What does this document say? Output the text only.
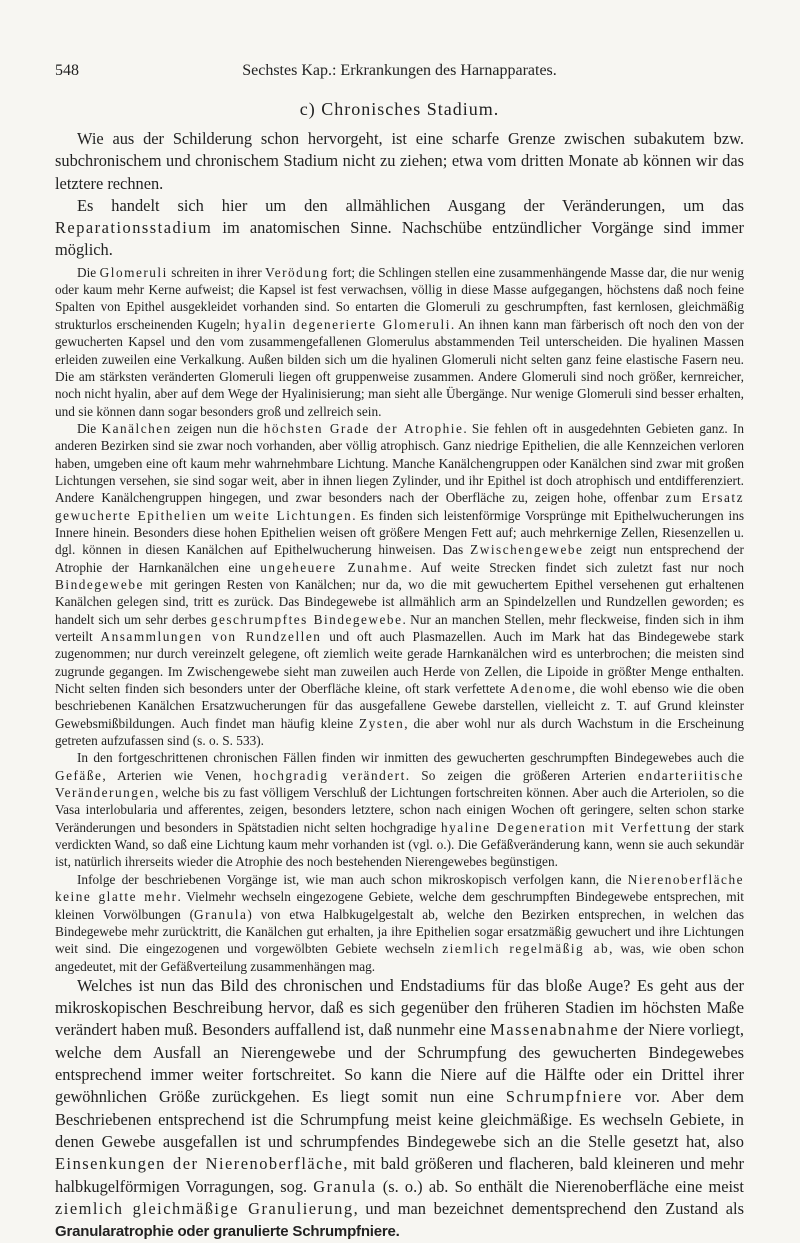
548	Sechstes Kap.: Erkrankungen des Harnapparates.
c) Chronisches Stadium.

Wie aus der Schilderung schon hervorgeht, ist eine scharfe Grenze zwischen subakutem bzw. subchronischem und chronischem Stadium nicht zu ziehen; etwa vom dritten Monate ab können wir das letztere rechnen.

Es handelt sich hier um den allmählichen Ausgang der Veränderungen, um das Reparationsstadium im anatomischen Sinne. Nachschübe entzündlicher Vorgänge sind immer möglich.

Die Glomeruli schreiten in ihrer Verödung fort; die Schlingen stellen eine zusammenhängende Masse dar, die nur wenig oder kaum mehr Kerne aufweist; die Kapsel ist fest verwachsen, völlig in diese Masse aufgegangen, höchstens daß noch feine Spalten von Epithel ausgekleidet vorhanden sind. So entarten die Glomeruli zu geschrumpften, fast kernlosen, gleichmäßig strukturlos erscheinenden Kugeln; hyalin degenerierte Glomeruli. An ihnen kann man färberisch oft noch den von der gewucherten Kapsel und den vom zusammengefallenen Glomerulus abstammenden Teil unterscheiden. Die hyalinen Massen erleiden zuweilen eine Verkalkung. Außen bilden sich um die hyalinen Glomeruli nicht selten ganz feine elastische Fasern neu. Die am stärksten veränderten Glomeruli liegen oft gruppenweise zusammen. Andere Glomeruli sind noch größer, kernreicher, noch nicht hyalin, aber auf dem Wege der Hyalinisierung; man sieht alle Übergänge. Nur wenige Glomeruli sind besser erhalten, und sie können dann sogar besonders groß und zellreich sein.

Die Kanälchen zeigen nun die höchsten Grade der Atrophie. Sie fehlen oft in ausgedehnten Gebieten ganz. In anderen Bezirken sind sie zwar noch vorhanden, aber völlig atrophisch. Ganz niedrige Epithelien, die alle Kennzeichen verloren haben, umgeben eine oft kaum mehr wahrnehmbare Lichtung. Manche Kanälchengruppen oder Kanälchen sind zwar mit großen Lichtungen versehen, sie sind sogar weit, aber in ihnen liegen Zylinder, und ihr Epithel ist doch atrophisch und entdifferenziert. Andere Kanälchengruppen hingegen, und zwar besonders nach der Oberfläche zu, zeigen hohe, offenbar zum Ersatz gewucherte Epithelien um weite Lichtungen. Es finden sich leistenförmige Vorsprünge mit Epithelwucherungen ins Innere hinein. Besonders diese hohen Epithelien weisen oft größere Mengen Fett auf; auch mehrkernige Zellen, Riesenzellen u. dgl. können in diesen Kanälchen auf Epithelwucherung hinweisen. Das Zwischengewebe zeigt nun entsprechend der Atrophie der Harnkanälchen eine ungeheuere Zunahme. Auf weite Strecken findet sich zuletzt fast nur noch Bindegewebe mit geringen Resten von Kanälchen; nur da, wo die mit gewuchertem Epithel versehenen gut erhaltenen Kanälchen gelegen sind, tritt es zurück. Das Bindegewebe ist allmählich arm an Spindelzellen und Rundzellen geworden; es handelt sich um sehr derbes geschrumpftes Bindegewebe. Nur an manchen Stellen, mehr fleckweise, finden sich in ihm verteilt Ansammlungen von Rundzellen und oft auch Plasmazellen. Auch im Mark hat das Bindegewebe stark zugenommen; nur durch vereinzelt gelegene, oft ziemlich weite gerade Harnkanälchen wird es unterbrochen; die meisten sind zugrunde gegangen. Im Zwischengewebe sieht man zuweilen auch Herde von Zellen, die Lipoide in größter Menge enthalten. Nicht selten finden sich besonders unter der Oberfläche kleine, oft stark verfettete Adenome, die wohl ebenso wie die oben beschriebenen Kanälchen Ersatzwucherungen für das ausgefallene Gewebe darstellen, vielleicht z. T. auf Grund kleinster Gewebsmißbildungen. Auch findet man häufig kleine Zysten, die aber wohl nur als durch Wachstum in die Erscheinung getreten aufzufassen sind (s. o. S. 533).

In den fortgeschrittenen chronischen Fällen finden wir inmitten des gewucherten geschrumpften Bindegewebes auch die Gefäße, Arterien wie Venen, hochgradig verändert. So zeigen die größeren Arterien endarteriitische Veränderungen, welche bis zu fast völligem Verschluß der Lichtungen fortschreiten können. Aber auch die Arteriolen, so die Vasa interlobularia und afferentes, zeigen, besonders letztere, schon nach einigen Wochen oft geringere, selten schon starke Veränderungen und besonders in Spätstadien nicht selten hochgradige hyaline Degeneration mit Verfettung der stark verdickten Wand, so daß eine Lichtung kaum mehr vorhanden ist (vgl. o.). Die Gefäßveränderung kann, wenn sie auch sekundär ist, natürlich ihrerseits wieder die Atrophie des noch bestehenden Nierengewebes begünstigen.

Infolge der beschriebenen Vorgänge ist, wie man auch schon mikroskopisch verfolgen kann, die Nierenoberfläche keine glatte mehr. Vielmehr wechseln eingezogene Gebiete, welche dem geschrumpften Bindegewebe entsprechen, mit kleinen Vorwölbungen (Granula) von etwa Halbkugelgestalt ab, welche den Bezirken entsprechen, in welchen das Bindegewebe mehr zurücktritt, die Kanälchen gut erhalten, ja ihre Epithelien sogar ersatzmäßig gewuchert und ihre Lichtungen weit sind. Die eingezogenen und vorgewölbten Gebiete wechseln ziemlich regelmäßig ab, was, wie oben schon angedeutet, mit der Gefäßverteilung zusammenhängen mag.

Welches ist nun das Bild des chronischen und Endstadiums für das bloße Auge? Es geht aus der mikroskopischen Beschreibung hervor, daß es sich gegenüber den früheren Stadien im höchsten Maße verändert haben muß. Besonders auffallend ist, daß nunmehr eine Massenabnahme der Niere vorliegt, welche dem Ausfall an Nierengewebe und der Schrumpfung des gewucherten Bindegewebes entsprechend immer weiter fortschreitet. So kann die Niere auf die Hälfte oder ein Drittel ihrer gewöhnlichen Größe zurückgehen. Es liegt somit nun eine Schrumpfniere vor. Aber dem Beschriebenen entsprechend ist die Schrumpfung meist keine gleichmäßige. Es wechseln Gebiete, in denen Gewebe ausgefallen ist und schrumpfendes Bindegewebe sich an die Stelle gesetzt hat, also Einsenkungen der Nierenoberfläche, mit bald größeren und flacheren, bald kleineren und mehr halbkugelförmigen Vorragungen, sog. Granula (s. o.) ab. So enthält die Nierenoberfläche eine meist ziemlich gleichmäßige Granulierung, und man bezeichnet dementsprechend den Zustand als Granularatrophie oder granulierte Schrumpfniere.
